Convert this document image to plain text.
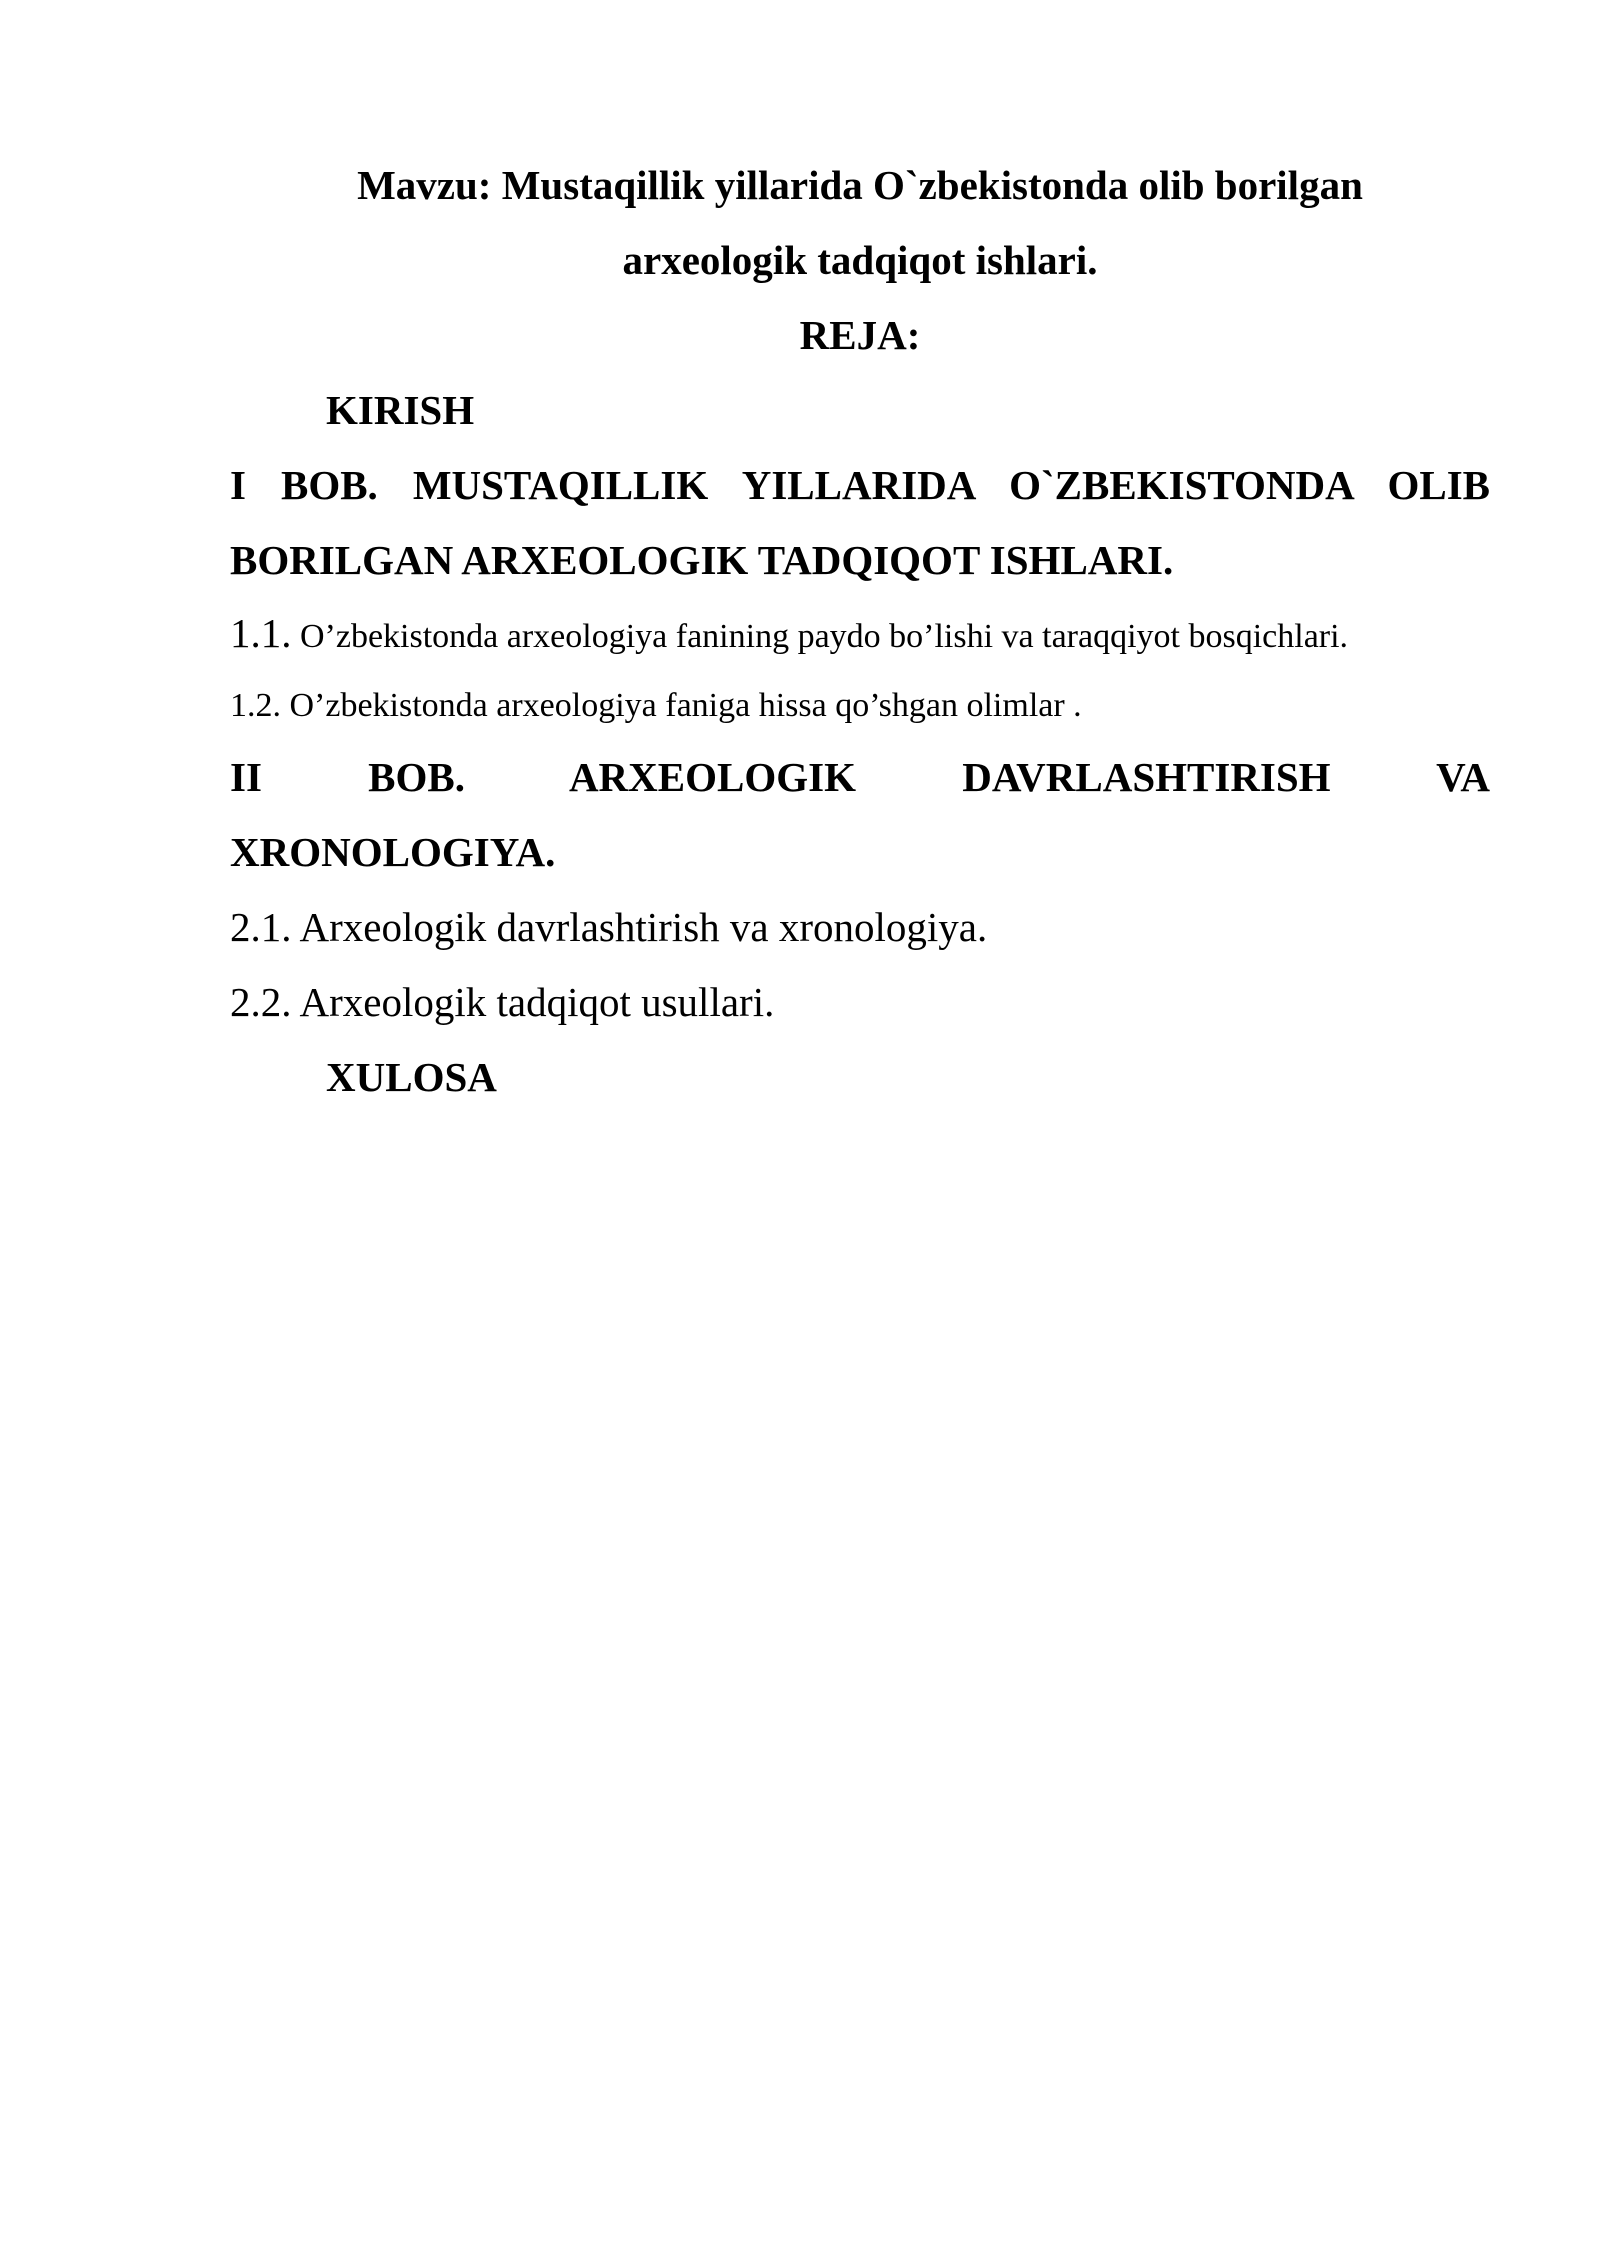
Mavzu: Mustaqillik yillarida O`zbekistonda olib borilgan
arxeologik tadqiqot ishlari.
REJA:
KIRISH
I BOB. MUSTAQILLIK YILLARIDA O`ZBEKISTONDA OLIB
BORILGAN ARXEOLOGIK TADQIQOT ISHLARI.
1.1. O’zbekistonda arxeologiya fanining paydo bo’lishi va taraqqiyot bosqichlari.
1.2. O’zbekistonda arxeologiya faniga hissa qo’shgan olimlar .
II BOB. ARXEOLOGIK DAVRLASHTIRISH VA
XRONOLOGIYA.
2.1. Arxeologik davrlashtirish va xronologiya.
2.2. Arxeologik tadqiqot usullari.
XULOSA
